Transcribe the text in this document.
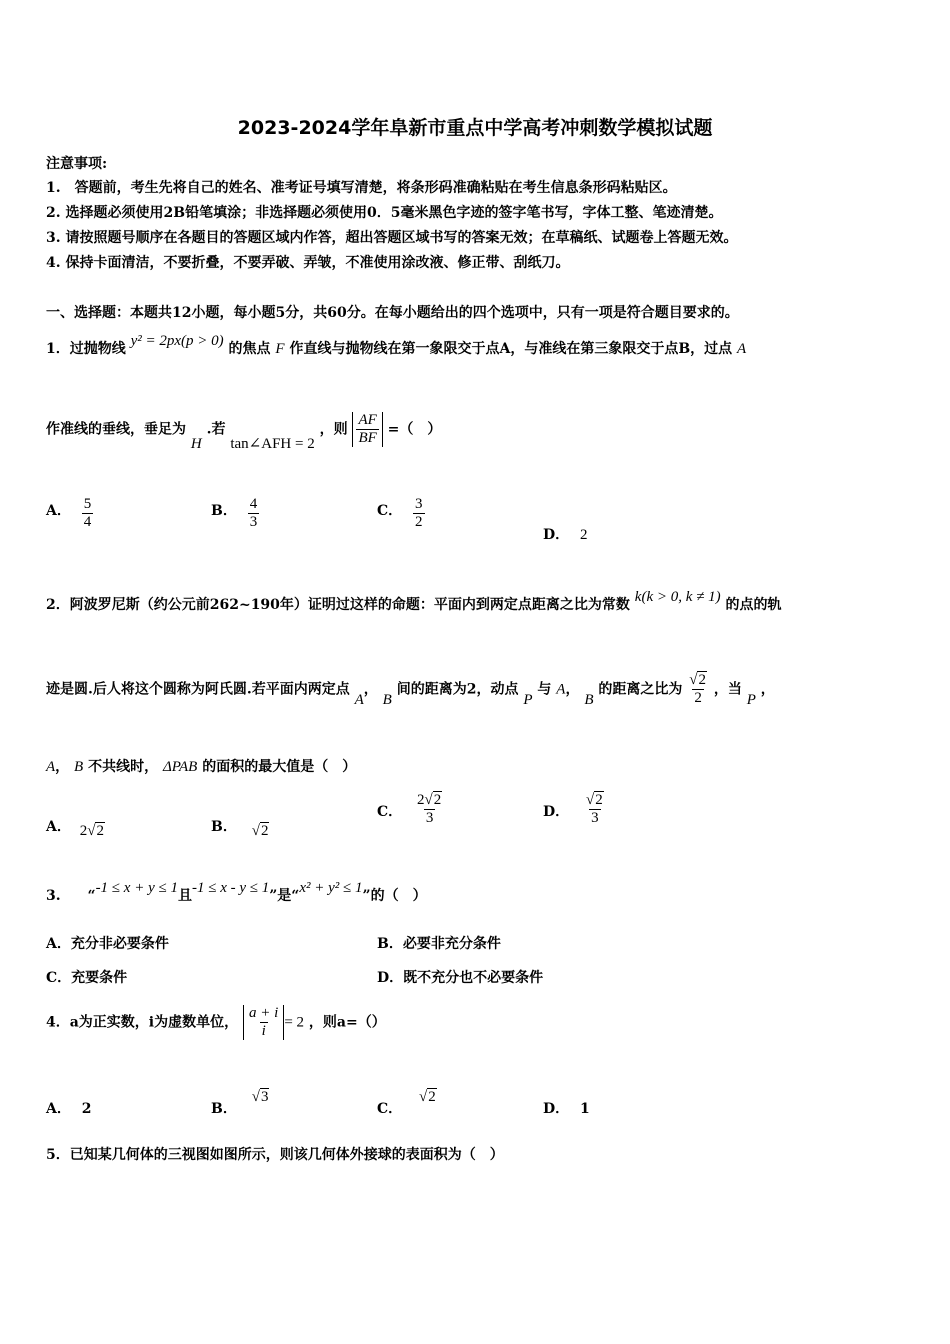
2023-2024学年阜新市重点中学高考冲刺数学模拟试题
注意事项:
1.　答题前，考生先将自己的姓名、准考证号填写清楚，将条形码准确粘贴在考生信息条形码粘贴区。
2. 选择题必须使用2B铅笔填涂；非选择题必须使用0．5毫米黑色字迹的签字笔书写，字体工整、笔迹清楚。
3. 请按照题号顺序在各题目的答题区域内作答，超出答题区域书写的答案无效；在草稿纸、试题卷上答题无效。
4. 保持卡面清洁，不要折叠，不要弄破、弄皱，不准使用涂改液、修正带、刮纸刀。
一、选择题：本题共12小题，每小题5分，共60分。在每小题给出的四个选项中，只有一项是符合题目要求的。
1．过抛物线 y² = 2px(p > 0) 的焦点 F 作直线与抛物线在第一象限交于点A，与准线在第三象限交于点B，过点 A
作准线的垂线，垂足为 H .若 tan∠AFH = 2 ，则 $\frac{AF}{BF}$ =（　）
A． $\frac{5}{4}$	B． $\frac{4}{3}$	C． $\frac{3}{2}$
D． 2
2．阿波罗尼斯（约公元前262~190年）证明过这样的命题：平面内到两定点距离之比为常数 k(k > 0, k ≠ 1) 的点的轨
迹是圆.后人将这个圆称为阿氏圆.若平面内两定点 A， B 间的距离为2，动点 P 与 A， B 的距离之比为 $\frac{√2}{2}$ ，当 P ，
A， B 不共线时， ΔPAB 的面积的最大值是（　）
A． 2√2	B． √2
C． $\frac{2√2}{3}$	D． $\frac{√2}{3}$
3. “-1 ≤ x + y ≤ 1且-1 ≤ x - y ≤ 1”是“x² + y² ≤ 1”的（　）
A．充分非必要条件	B．必要非充分条件
C．充要条件	D．既不充分也不必要条件
4．a为正实数，i为虚数单位， $\frac{a + i}{i} = 2$ ，则a=（）
A． 2	B． √3
C． √2
D． 1
5．已知某几何体的三视图如图所示，则该几何体外接球的表面积为（　）
